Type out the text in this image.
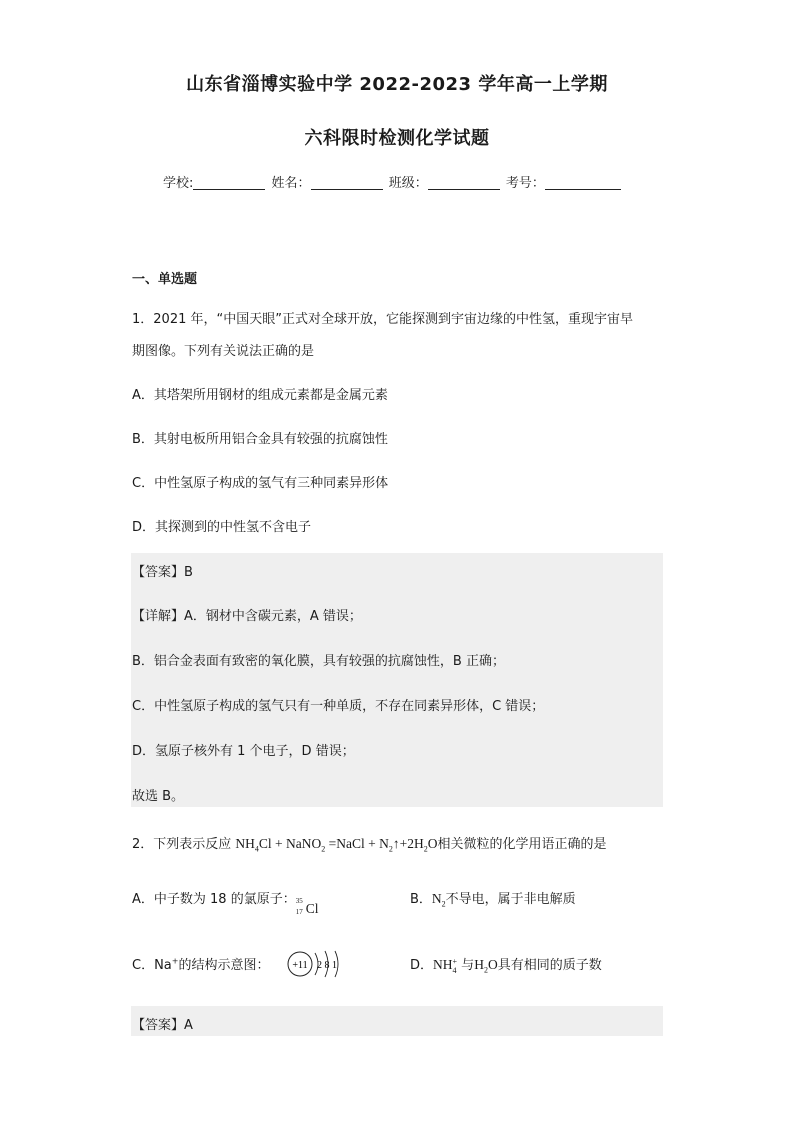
山东省淄博实验中学 2022-2023 学年高一上学期
六科限时检测化学试题
学校:	姓名：	班级：	考号：
一、单选题
1．2021 年，“中国天眼”正式对全球开放，它能探测到宇宙边缘的中性氢，重现宇宙早
期图像。下列有关说法正确的是
A．其塔架所用钢材的组成元素都是金属元素
B．其射电板所用铝合金具有较强的抗腐蚀性
C．中性氢原子构成的氢气有三种同素异形体
D．其探测到的中性氢不含电子
【答案】B
【详解】A．钢材中含碳元素，A 错误；
B．铝合金表面有致密的氧化膜，具有较强的抗腐蚀性，B 正确；
C．中性氢原子构成的氢气只有一种单质，不存在同素异形体，C 错误；
D．氢原子核外有 1 个电子，D 错误；
故选 B。
2．下列表示反应 $NH_4Cl$ + NaNO$_2$ =NaCl + $N_2↑+2H_2O$相关微粒的化学用语正确的是
A．中子数为 18 的氯原子： 35
17 Cl
B．$N_2$不导电，属于非电解质
C．Na+的结构示意图： +11 2 8 1	D．$NH_4^+$ 与$H_2O$具有相同的质子数
【答案】A
